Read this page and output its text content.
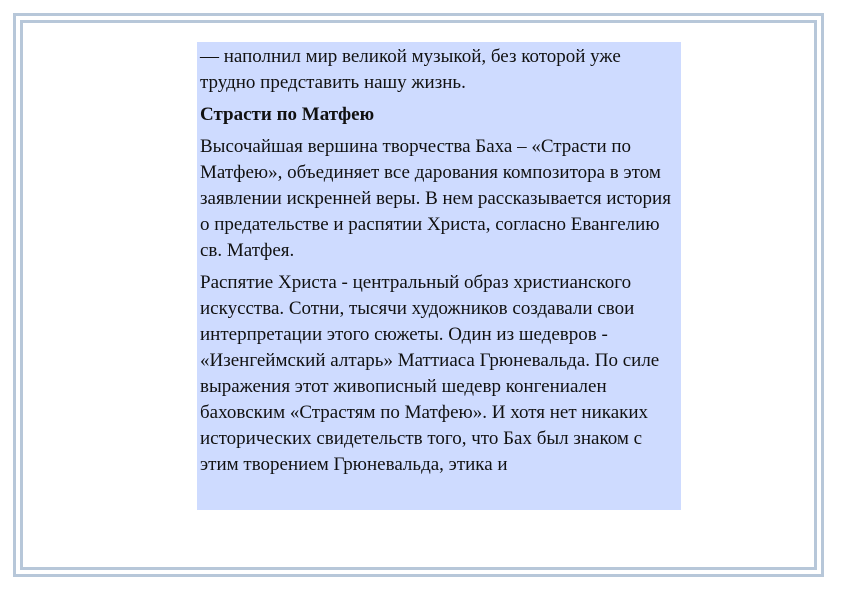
— наполнил мир великой музыкой, без которой уже трудно представить нашу жизнь.

Страсти по Матфею

Высочайшая вершина творчества Баха – «Страсти по Матфею», объединяет все дарования композитора в этом заявлении искренней веры. В нем рассказывается история о предательстве и распятии Христа, согласно Евангелию св. Матфея.

Распятие Христа - центральный образ христианского искусства. Сотни, тысячи художников создавали свои интерпретации этого сюжеты. Один из шедевров - «Изенгеймский алтарь» Маттиаса Грюневальда. По силе выражения этот живописный шедевр конгениален баховским «Страстям по Матфею». И хотя нет никаких исторических свидетельств того, что Бах был знаком с этим творением Грюневальда, этика и
